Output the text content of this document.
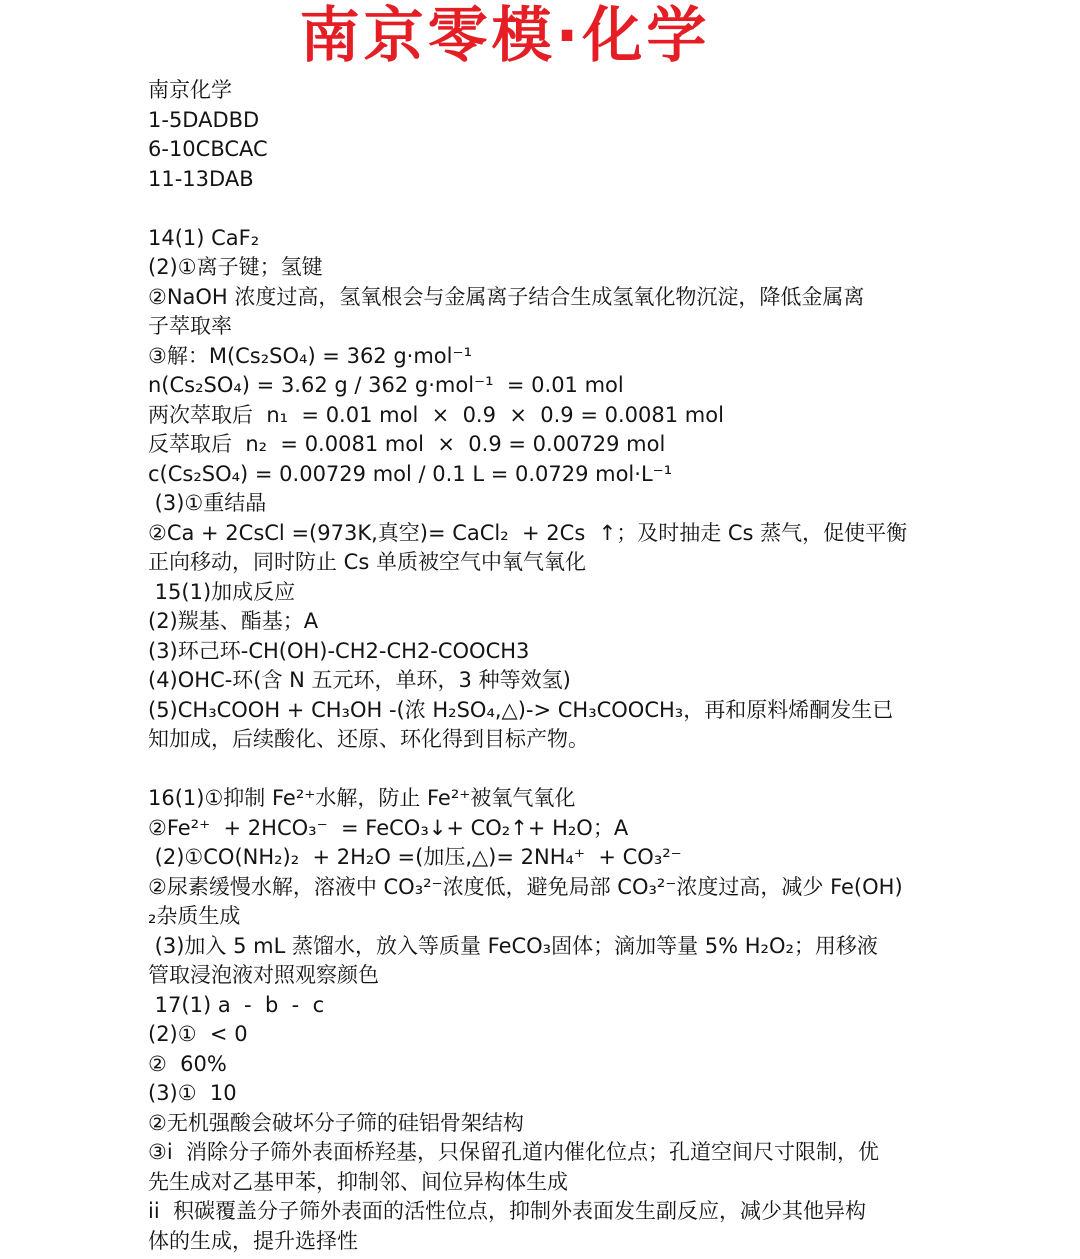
南京零模·化学
南京化学
1-5DADBD
6-10CBCAC
11-13DAB
14(1) CaF₂
(2)①离子键；氢键
②NaOH 浓度过高，氢氧根会与金属离子结合生成氢氧化物沉淀，降低金属离
子萃取率
③解：M(Cs₂SO₄) = 362 g·mol⁻¹
n(Cs₂SO₄) = 3.62 g / 362 g·mol⁻¹  = 0.01 mol
两次萃取后  n₁  = 0.01 mol  ×  0.9  ×  0.9 = 0.0081 mol
反萃取后  n₂  = 0.0081 mol  ×  0.9 = 0.00729 mol
c(Cs₂SO₄) = 0.00729 mol / 0.1 L = 0.0729 mol·L⁻¹
(3)①重结晶
②Ca + 2CsCl =(973K,真空)= CaCl₂  + 2Cs  ↑；及时抽走 Cs 蒸气，促使平衡
正向移动，同时防止 Cs 单质被空气中氧气氧化
15(1)加成反应
(2)羰基、酯基；A
(3)环己环-CH(OH)-CH2-CH2-COOCH3
(4)OHC-环(含 N 五元环，单环，3 种等效氢)
(5)CH₃COOH + CH₃OH -(浓 H₂SO₄,△)-> CH₃COOCH₃，再和原料烯酮发生已
知加成，后续酸化、还原、环化得到目标产物。
16(1)①抑制 Fe²⁺水解，防止 Fe²⁺被氧气氧化
②Fe²⁺  + 2HCO₃⁻  = FeCO₃↓+ CO₂↑+ H₂O；A
(2)①CO(NH₂)₂  + 2H₂O =(加压,△)= 2NH₄⁺  + CO₃²⁻
②尿素缓慢水解，溶液中 CO₃²⁻浓度低，避免局部 CO₃²⁻浓度过高，减少 Fe(OH)
₂杂质生成
(3)加入 5 mL 蒸馏水，放入等质量 FeCO₃固体；滴加等量 5% H₂O₂；用移液
管取浸泡液对照观察颜色
17(1) a  -  b  -  c
(2)①  < 0
②  60%
(3)①  10
②无机强酸会破坏分子筛的硅铝骨架结构
③i  消除分子筛外表面桥羟基，只保留孔道内催化位点；孔道空间尺寸限制，优
先生成对乙基甲苯，抑制邻、间位异构体生成
ii  积碳覆盖分子筛外表面的活性位点，抑制外表面发生副反应，减少其他异构
体的生成，提升选择性
